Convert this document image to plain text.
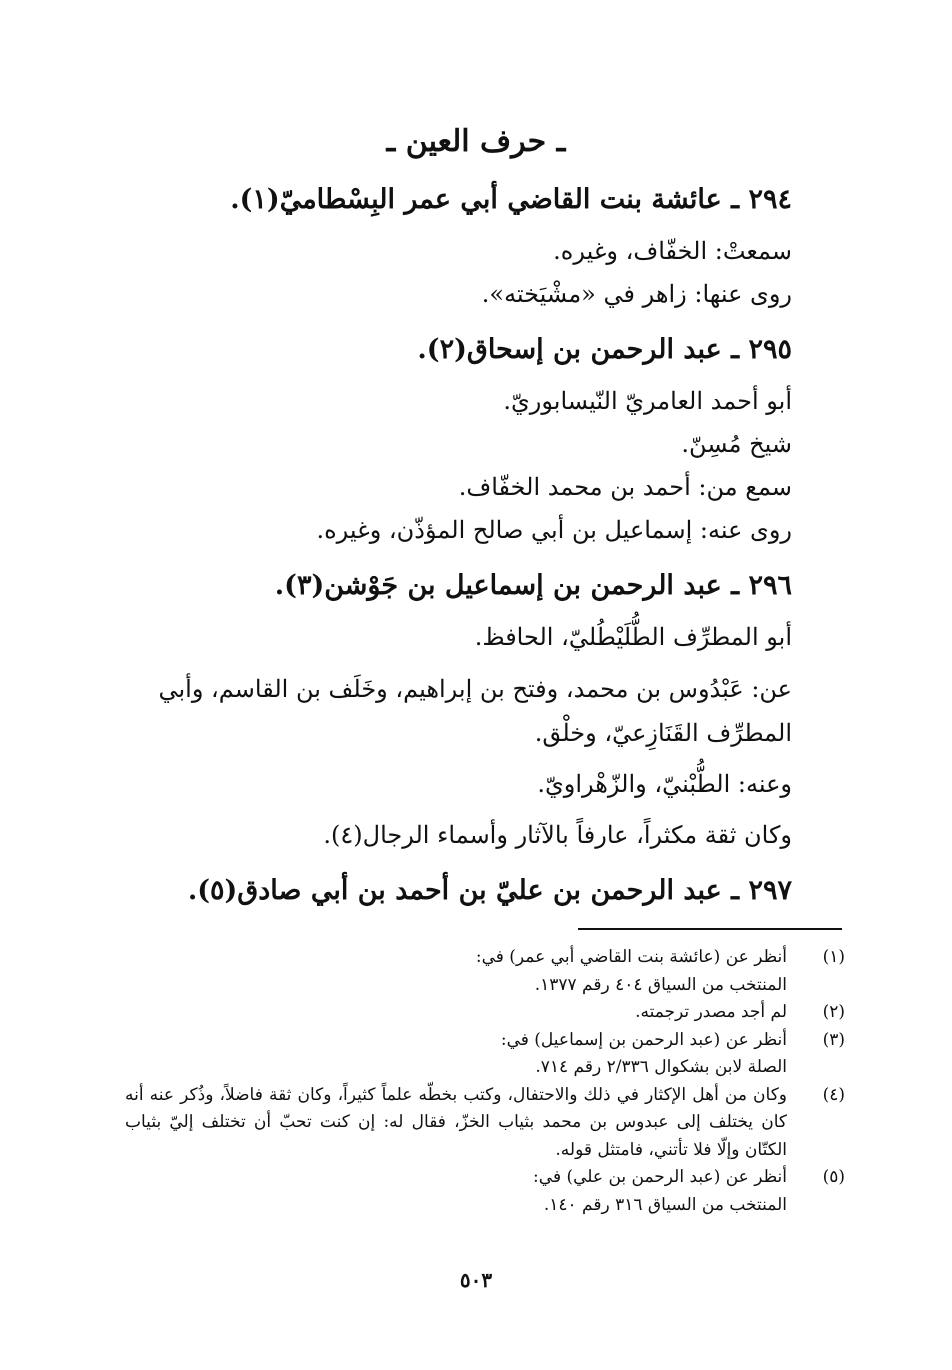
ـ حرف العين ـ

٢٩٤ ـ عائشة بنت القاضي أبي عمر البِسْطاميّ(١).

سمعتْ: الخفّاف، وغيره.

روى عنها: زاهر في «مشْيَخته».

٢٩٥ ـ عبد الرحمن بن إسحاق(٢).

أبو أحمد العامريّ النّيسابوريّ.

شيخ مُسِنّ.

سمع من: أحمد بن محمد الخفّاف.

روى عنه: إسماعيل بن أبي صالح المؤذّن، وغيره.

٢٩٦ ـ عبد الرحمن بن إسماعيل بن جَوْشن(٣).

أبو المطرِّف الطُّلَيْطُليّ، الحافظ.

عن: عَبْدُوس بن محمد، وفتح بن إبراهيم، وخَلَف بن القاسم، وأبي المطرِّف القَنَازِعيّ، وخلْق.

وعنه: الطُّبْنيّ، والزّهْراويّ.

وكان ثقة مكثراً، عارفاً بالآثار وأسماء الرجال(٤).

٢٩٧ ـ عبد الرحمن بن عليّ بن أحمد بن أبي صادق(٥).

(١)
أنظر عن (عائشة بنت القاضي أبي عمر) في:
المنتخب من السياق ٤٠٤ رقم ١٣٧٧.
(٢)
لم أجد مصدر ترجمته.
(٣)
أنظر عن (عبد الرحمن بن إسماعيل) في:
الصلة لابن بشكوال ٢/٣٣٦ رقم ٧١٤.
(٤)
وكان من أهل الإكثار في ذلك والاحتفال، وكتب بخطّه علماً كثيراً، وكان ثقة فاضلاً، وذُكر عنه أنه كان يختلف إلى عبدوس بن محمد بثياب الخزّ، فقال له: إن كنت تحبّ أن تختلف إليّ بثياب الكتّان وإلّا فلا تأتني، فامتثل قوله.
(٥)
أنظر عن (عبد الرحمن بن علي) في:
المنتخب من السياق ٣١٦ رقم ١٤٠.
٥٠٣
